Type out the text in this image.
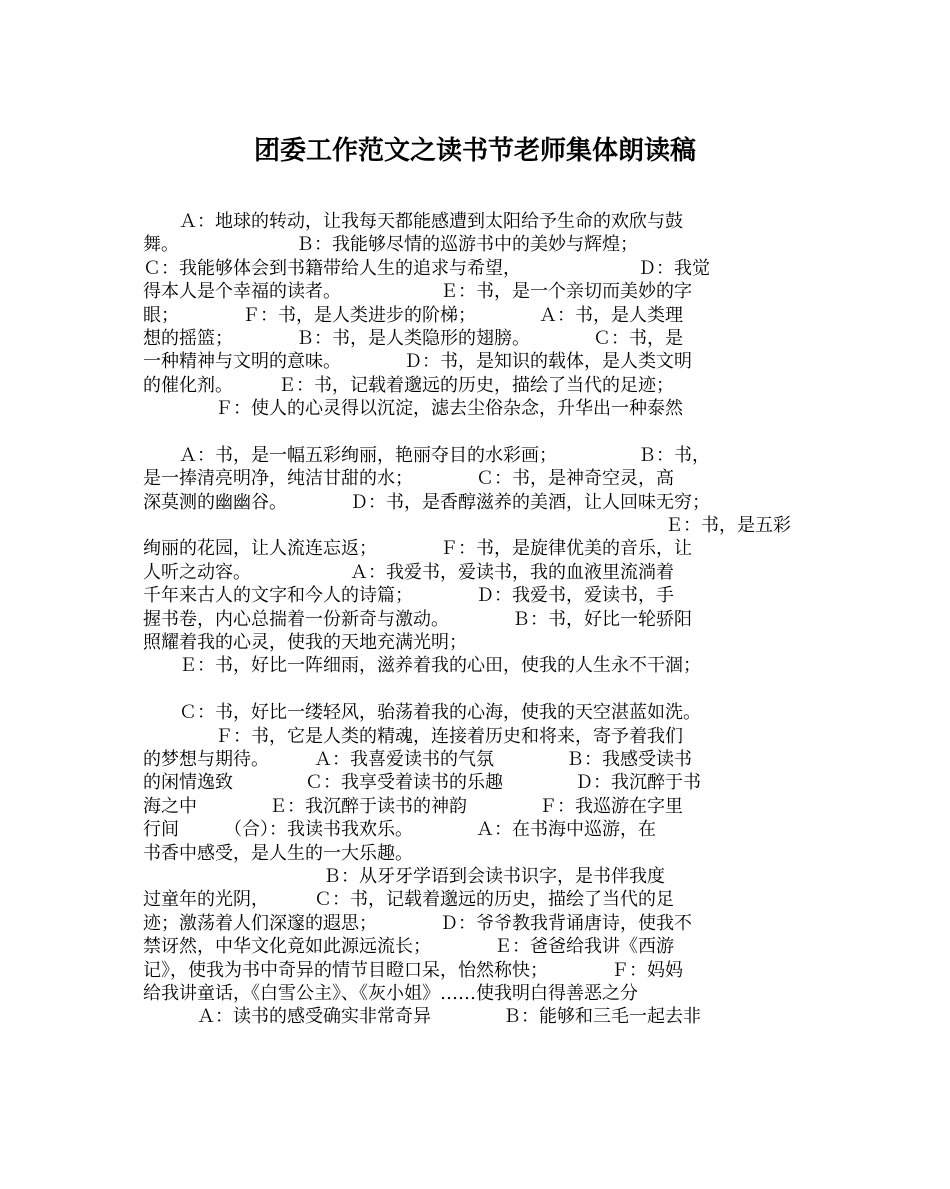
团委工作范文之读书节老师集体朗读稿
　　Ａ：地球的转动，让我每天都能感遭到太阳给予生命的欢欣与鼓
舞。　　　　　　　Ｂ：我能够尽情的巡游书中的美妙与辉煌；
Ｃ：我能够体会到书籍带给人生的追求与希望，　　　　　　　Ｄ：我觉
得本人是个幸福的读者。　　　　　　Ｅ：书，是一个亲切而美妙的字
眼；　　　　Ｆ：书，是人类进步的阶梯；　　　　Ａ：书，是人类理
想的摇篮；　　　　Ｂ：书，是人类隐形的翅膀。　　　　Ｃ：书，是
一种精神与文明的意味。　　　　Ｄ：书，是知识的载体，是人类文明
的催化剂。　　　Ｅ：书，记载着邈远的历史，描绘了当代的足迹；
　　　　Ｆ：使人的心灵得以沉淀，滤去尘俗杂念，升华出一种泰然
　　Ａ：书，是一幅五彩绚丽，艳丽夺目的水彩画；　　　　　Ｂ：书，
是一捧清亮明净，纯洁甘甜的水；　　　　Ｃ：书，是神奇空灵，高
深莫测的幽幽谷。　　　　Ｄ：书，是香醇滋养的美酒，让人回味无穷；
　　　　　　　　　　　　　　　　　　　　　　　　　　　　　Ｅ：书，是五彩
绚丽的花园，让人流连忘返；　　　　Ｆ：书，是旋律优美的音乐，让
人听之动容。　　　　　　Ａ：我爱书，爱读书，我的血液里流淌着
千年来古人的文字和今人的诗篇；　　　　Ｄ：我爱书，爱读书，手
握书卷，内心总揣着一份新奇与激动。　　　　Ｂ：书，好比一轮骄阳
照耀着我的心灵，使我的天地充满光明；
　　Ｅ：书，好比一阵细雨，滋养着我的心田，使我的人生永不干涸；
　　Ｃ：书，好比一缕轻风，骀荡着我的心海，使我的天空湛蓝如洗。
　　　　Ｆ：书，它是人类的精魂，连接着历史和将来，寄予着我们
的梦想与期待。　　　Ａ：我喜爱读书的气氛　　　　Ｂ：我感受读书
的闲情逸致　　　　Ｃ：我享受着读书的乐趣　　　　Ｄ：我沉醉于书
海之中　　　　Ｅ：我沉醉于读书的神韵　　　　Ｆ：我巡游在字里
行间　　　（合）：我读书我欢乐。　　　　Ａ：在书海中巡游，在
书香中感受，是人生的一大乐趣。
　　　　　　　　　　Ｂ：从牙牙学语到会读书识字，是书伴我度
过童年的光阴，　　　Ｃ：书，记载着邈远的历史，描绘了当代的足
迹；激荡着人们深邃的遐思；　　　　Ｄ：爷爷教我背诵唐诗，使我不
禁讶然，中华文化竟如此源远流长；　　　　Ｅ：爸爸给我讲《西游
记》，使我为书中奇异的情节目瞪口呆，怡然称快；　　　　Ｆ：妈妈
给我讲童话，《白雪公主》、《灰小姐》……使我明白得善恶之分
　　　Ａ：读书的感受确实非常奇异　　　　Ｂ：能够和三毛一起去非
